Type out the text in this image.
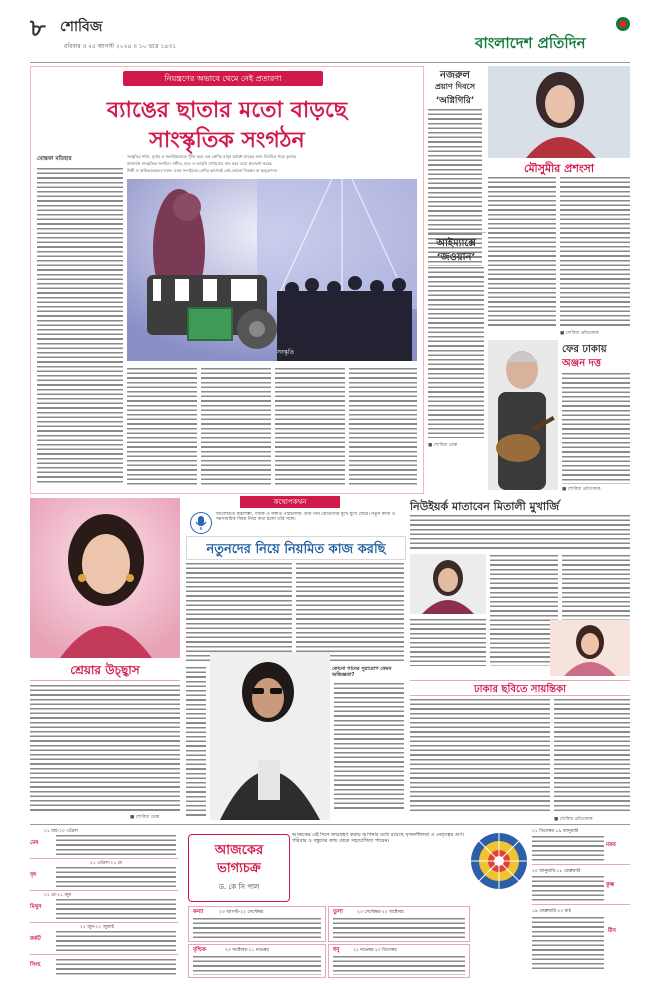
৮ শোবিজ
রবিবার ॥ ২৫ আগস্ট ২০২৪ ॥ ১০ ভাদ্র ১৪৩১	বাংলাদেশ প্রতিদিন
নিয়ন্ত্রণের অভাবে থেমে নেই প্রতারণা
ব্যাঙের ছাতার মতো বাড়ছে
সাংস্কৃতিক সংগঠন
সংস্কৃতির শক্তি, সুনাম ও জনপ্রিয়তাকে পুঁজি করে এক শ্রেণির মানুষ অবৈধ লাভের জন্য নিয়মিত গড়ে তুলছে
নামসর্বস্ব সাংস্কৃতিক সংগঠন। সঙ্গীত, নৃত্য ও আবৃত্তি শেখানোর নাম করে তারা প্রতারণা করছে
শিল্পী ও অভিভাবকদের সঙ্গে। এসব সংগঠনের বেশির ভাগেরই নেই কোনো নিবন্ধন বা অনুমোদন।
মোস্তফা মতিহার
সংস্কৃতি
নজরুল
প্রয়াণ দিবসে
‘অগ্নিগিরি’
মৌসুমীর প্রশংসা
■ শোবিজ প্রতিবেদক
আইম্যাক্সে
‘জওয়ান’
■ শোবিজ ডেস্ক
ফের ঢাকায়
অঞ্জন দত্ত
■ শোবিজ প্রতিবেদক
শ্রেয়ার উচ্ছ্বাস
■ শোবিজ ডেস্ক
কথোপকথন
আলোচিত কণ্ঠশিল্পী, গায়ক ও সঙ্গীত পরিচালক। তাঁর গান শ্রোতাদের মুখে মুখে ফেরে। নতুন কাজ ও সমসাময়িক বিষয় নিয়ে কথা হলো তাঁর সঙ্গে।
নতুনদের নিয়ে নিয়মিত কাজ করছি
কোনো গানের সুরারোপ কেমন অভিজ্ঞতা?
নিউইয়র্ক মাতাবেন মিতালী মুখার্জি
ঢাকার ছবিতে সায়ন্তিকা
■ শোবিজ প্রতিবেদক
২১ মার্চ-২০ এপ্রিল
মেষ
২১ এপ্রিল-২১ মে
বৃষ
২২ মে-২১ জুন
মিথুন
২২ জুন-২২ জুলাই
কর্কট
সিংহ
আজকের
ভাগ্যচক্র
ড. কে সি পাল
আজকের এই দিনে জন্মগ্রহণ করায় আপনার মধ্যে রয়েছে সৃজনশীলতা ও নেতৃত্বের গুণ। পরিবার ও বন্ধুদের কাছ থেকে সহযোগিতা পাবেন।
কন্যা	২৩ আগস্ট-২২ সেপ্টেম্বর	তুলা	২৩ সেপ্টেম্বর-২২ অক্টোবর
বৃশ্চিক	২৩ অক্টোবর-২১ নভেম্বর	ধনু	২২ নভেম্বর-২০ ডিসেম্বর
২১ ডিসেম্বর-১৯ জানুয়ারি
মকর
২০ জানুয়ারি-১৮ ফেব্রুয়ারি
কুম্ভ
১৯ ফেব্রুয়ারি-২০ মার্চ
মীন
